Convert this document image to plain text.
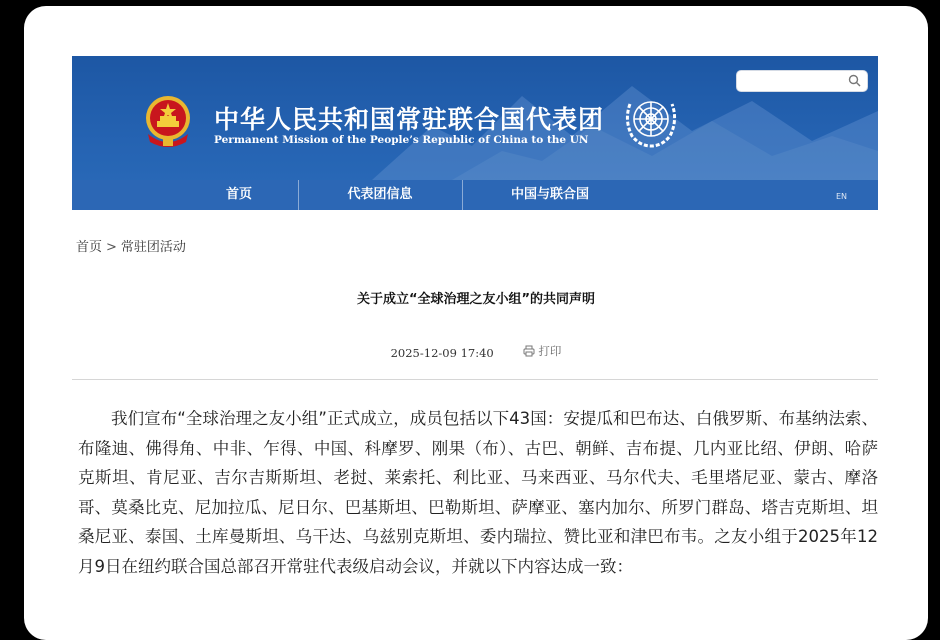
中华人民共和国常驻联合国代表团
Permanent Mission of the People’s Republic of China to the UN
首页	代表团信息	中国与联合国	EN
首页 > 常驻团活动
关于成立“全球治理之友小组”的共同声明
2025-12-09 17:40	打印

我们宣布“全球治理之友小组”正式成立，成员包括以下43国：安提瓜和巴布达、白俄罗斯、布基纳法索、布隆迪、佛得角、中非、乍得、中国、科摩罗、刚果（布）、古巴、朝鲜、吉布提、几内亚比绍、伊朗、哈萨克斯坦、肯尼亚、吉尔吉斯斯坦、老挝、莱索托、利比亚、马来西亚、马尔代夫、毛里塔尼亚、蒙古、摩洛哥、莫桑比克、尼加拉瓜、尼日尔、巴基斯坦、巴勒斯坦、萨摩亚、塞内加尔、所罗门群岛、塔吉克斯坦、坦桑尼亚、泰国、土库曼斯坦、乌干达、乌兹别克斯坦、委内瑞拉、赞比亚和津巴布韦。之友小组于2025年12月9日在纽约联合国总部召开常驻代表级启动会议，并就以下内容达成一致：
